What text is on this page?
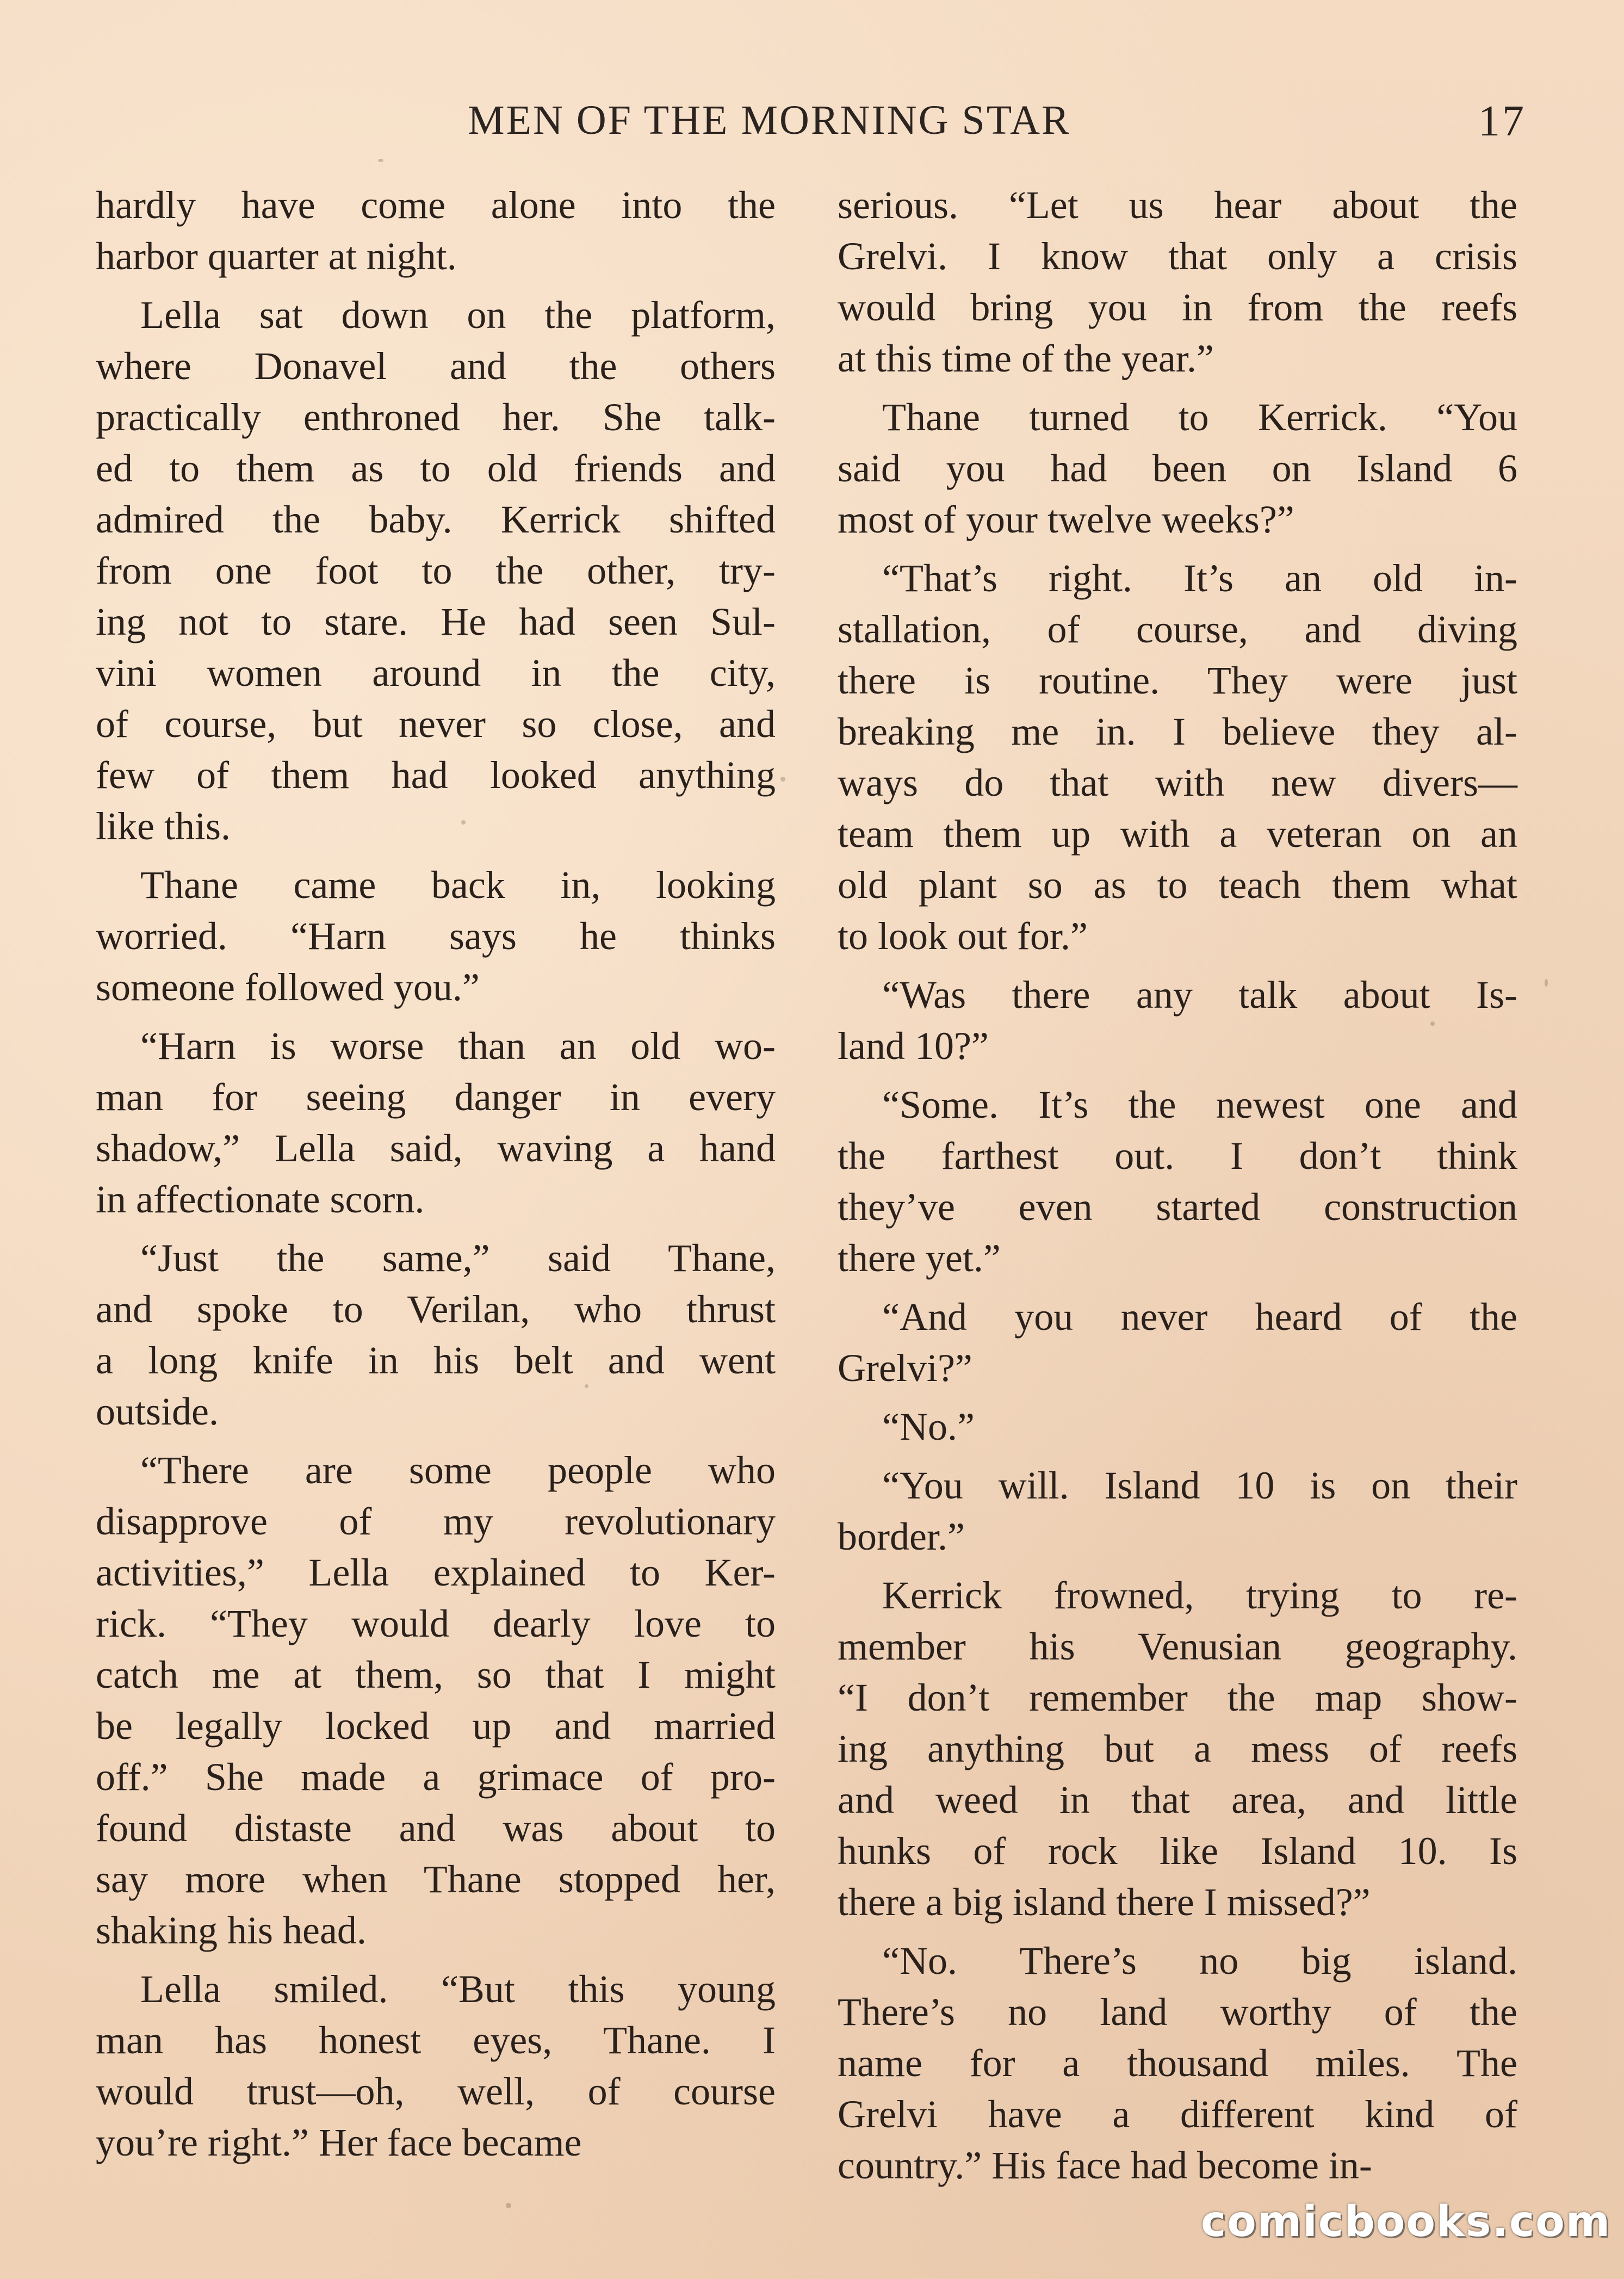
MEN OF THE MORNING STAR	17

hardly have come alone into the
harbor quarter at night.

Lella sat down on the platform,
where Donavel and the others
practically enthroned her. She talk-
ed to them as to old friends and
admired the baby. Kerrick shifted
from one foot to the other, try-
ing not to stare. He had seen Sul-
vini women around in the city,
of course, but never so close, and
few of them had looked anything
like this.

Thane came back in, looking
worried. “Harn says he thinks
someone followed you.”

“Harn is worse than an old wo-
man for seeing danger in every
shadow,” Lella said, waving a hand
in affectionate scorn.

“Just the same,” said Thane,
and spoke to Verilan, who thrust
a long knife in his belt and went
outside.

“There are some people who
disapprove of my revolutionary
activities,” Lella explained to Ker-
rick. “They would dearly love to
catch me at them, so that I might
be legally locked up and married
off.” She made a grimace of pro-
found distaste and was about to
say more when Thane stopped her,
shaking his head.

Lella smiled. “But this young
man has honest eyes, Thane. I
would trust—oh, well, of course
you’re right.” Her face became

serious. “Let us hear about the
Grelvi. I know that only a crisis
would bring you in from the reefs
at this time of the year.”

Thane turned to Kerrick. “You
said you had been on Island 6
most of your twelve weeks?”

“That’s right. It’s an old in-
stallation, of course, and diving
there is routine. They were just
breaking me in. I believe they al-
ways do that with new divers—
team them up with a veteran on an
old plant so as to teach them what
to look out for.”

“Was there any talk about Is-
land 10?”

“Some. It’s the newest one and
the farthest out. I don’t think
they’ve even started construction
there yet.”

“And you never heard of the
Grelvi?”

“No.”

“You will. Island 10 is on their
border.”

Kerrick frowned, trying to re-
member his Venusian geography.
“I don’t remember the map show-
ing anything but a mess of reefs
and weed in that area, and little
hunks of rock like Island 10. Is
there a big island there I missed?”

“No. There’s no big island.
There’s no land worthy of the
name for a thousand miles. The
Grelvi have a different kind of
country.” His face had become in-

comicbooks.com
